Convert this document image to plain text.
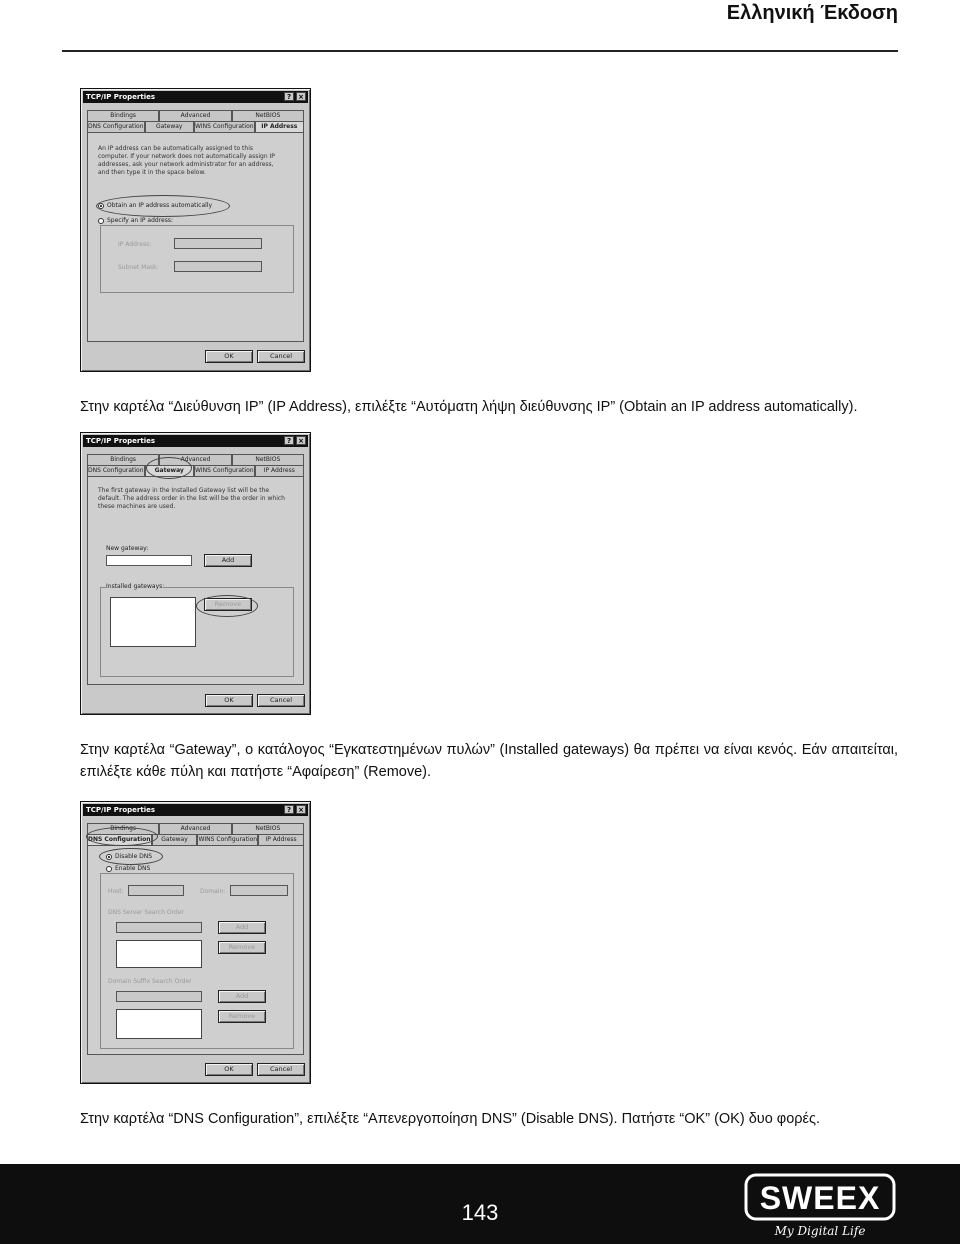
Ελληνική Έκδοση
TCP/IP Properties	?	×
Bindings	Advanced	NetBIOS
DNS Configuration	Gateway	WINS Configuration	IP Address
An IP address can be automatically assigned to this computer. If your network does not automatically assign IP addresses, ask your network administrator for an address, and then type it in the space below.
Obtain an IP address automatically
Specify an IP address:
IP Address:
Subnet Mask:
OK	Cancel
Στην καρτέλα “Διεύθυνση IP” (IP Address), επιλέξτε “Αυτόματη λήψη διεύθυνσης IP” (Obtain an IP address automatically).
TCP/IP Properties	?	×
Bindings	Advanced	NetBIOS
DNS Configuration	Gateway	WINS Configuration	IP Address
The first gateway in the Installed Gateway list will be the default. The address order in the list will be the order in which these machines are used.
New gateway:
Add
Installed gateways:
Remove
OK	Cancel
Στην καρτέλα “Gateway”, ο κατάλογος “Εγκατεστημένων πυλών” (Installed gateways) θα πρέπει να είναι κενός. Εάν απαιτείται, επιλέξτε κάθε πύλη και πατήστε “Αφαίρεση” (Remove).
TCP/IP Properties	?	×
Bindings	Advanced	NetBIOS
DNS Configuration	Gateway	WINS Configuration	IP Address
Disable DNS
Enable DNS
Host:	Domain:
DNS Server Search Order
Add
Remove
Domain Suffix Search Order
Add
Remove
OK	Cancel
Στην καρτέλα “DNS Configuration”, επιλέξτε “Απενεργοποίηση DNS” (Disable DNS). Πατήστε “OK” (OK) δυο φορές.
143	SWEEX
My Digital Life
